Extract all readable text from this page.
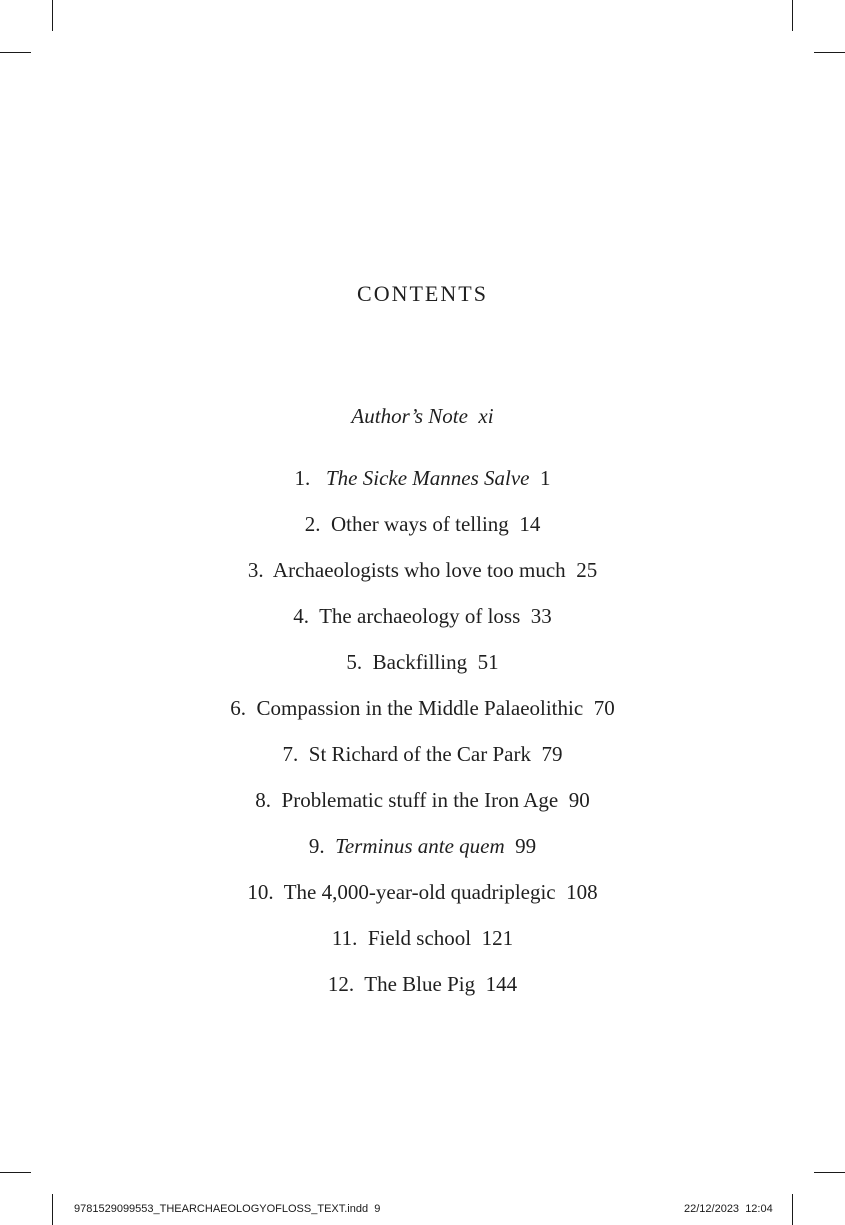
CONTENTS
Author’s Note xi
1. The Sicke Mannes Salve 1
2. Other ways of telling 14
3. Archaeologists who love too much 25
4. The archaeology of loss 33
5. Backfilling 51
6. Compassion in the Middle Palaeolithic 70
7. St Richard of the Car Park 79
8. Problematic stuff in the Iron Age 90
9. Terminus ante quem 99
10. The 4,000-year-old quadriplegic 108
11. Field school 121
12. The Blue Pig 144
9781529099553_THEARCHAEOLOGYOFLOSS_TEXT.indd 9	22/12/2023 12:04
